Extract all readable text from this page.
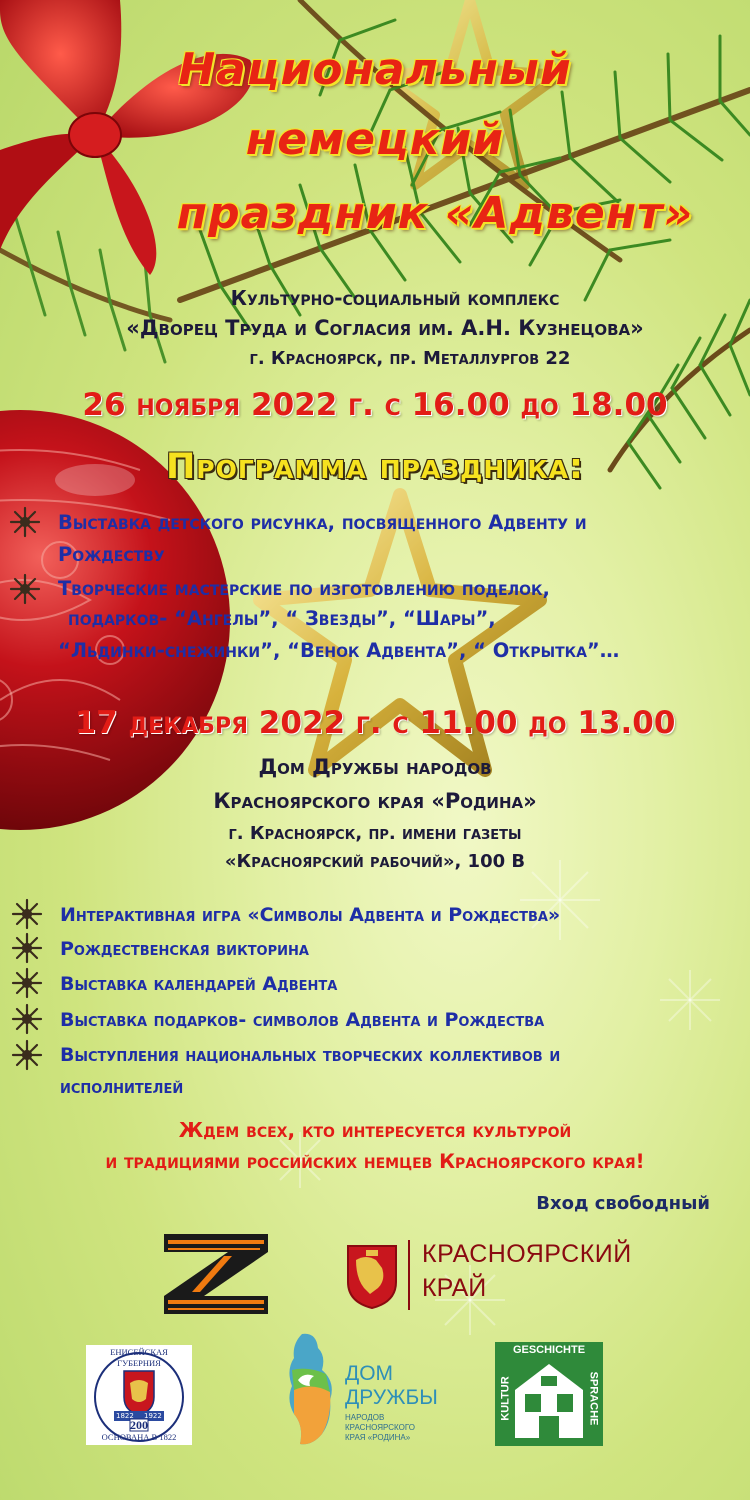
Национальный
немецкий
праздник «Адвент»
Культурно-социальный комплекс
«Дворец Труда и Согласия им. А.Н. Кузнецова»
г. Красноярск, пр. Металлургов 22
26 ноября 2022 г. с 16.00 до 18.00
Программа праздника:
Выставка детского рисунка, посвященного Адвенту и
Рождеству
Творческие мастерские по изготовлению поделок,
подарков- “Ангелы”, “ Звезды”, “Шары”,
“Льдинки-снежинки”, “Венок Адвента”, “ Открытка”…
17 декабря 2022 г. с 11.00 до 13.00
Дом Дружбы народов
Красноярского края «Родина»
г. Красноярск, пр. имени газеты
«Красноярский рабочий», 100 В
Интерактивная игра «Символы Адвента и Рождества»
Рождественская викторина
Выставка календарей Адвента
Выставка подарков- символов Адвента и Рождества
Выступления национальных творческих коллективов и
исполнителей
Ждем всех, кто интересуется культурой
и традициями российских немцев Красноярского края!
Вход свободный
КРАСНОЯРСКИЙ
КРАЙ
ЕНИСЕЙСКАЯ ГУБЕРНИЯ
1822 1922
200
ОСНОВАНА В 1822
ДОМ
ДРУЖБЫ
НАРОДОВ
КРАСНОЯРСКОГО
КРАЯ «РОДИНА»
GESCHICHTE
KULTUR	SPRACHE
